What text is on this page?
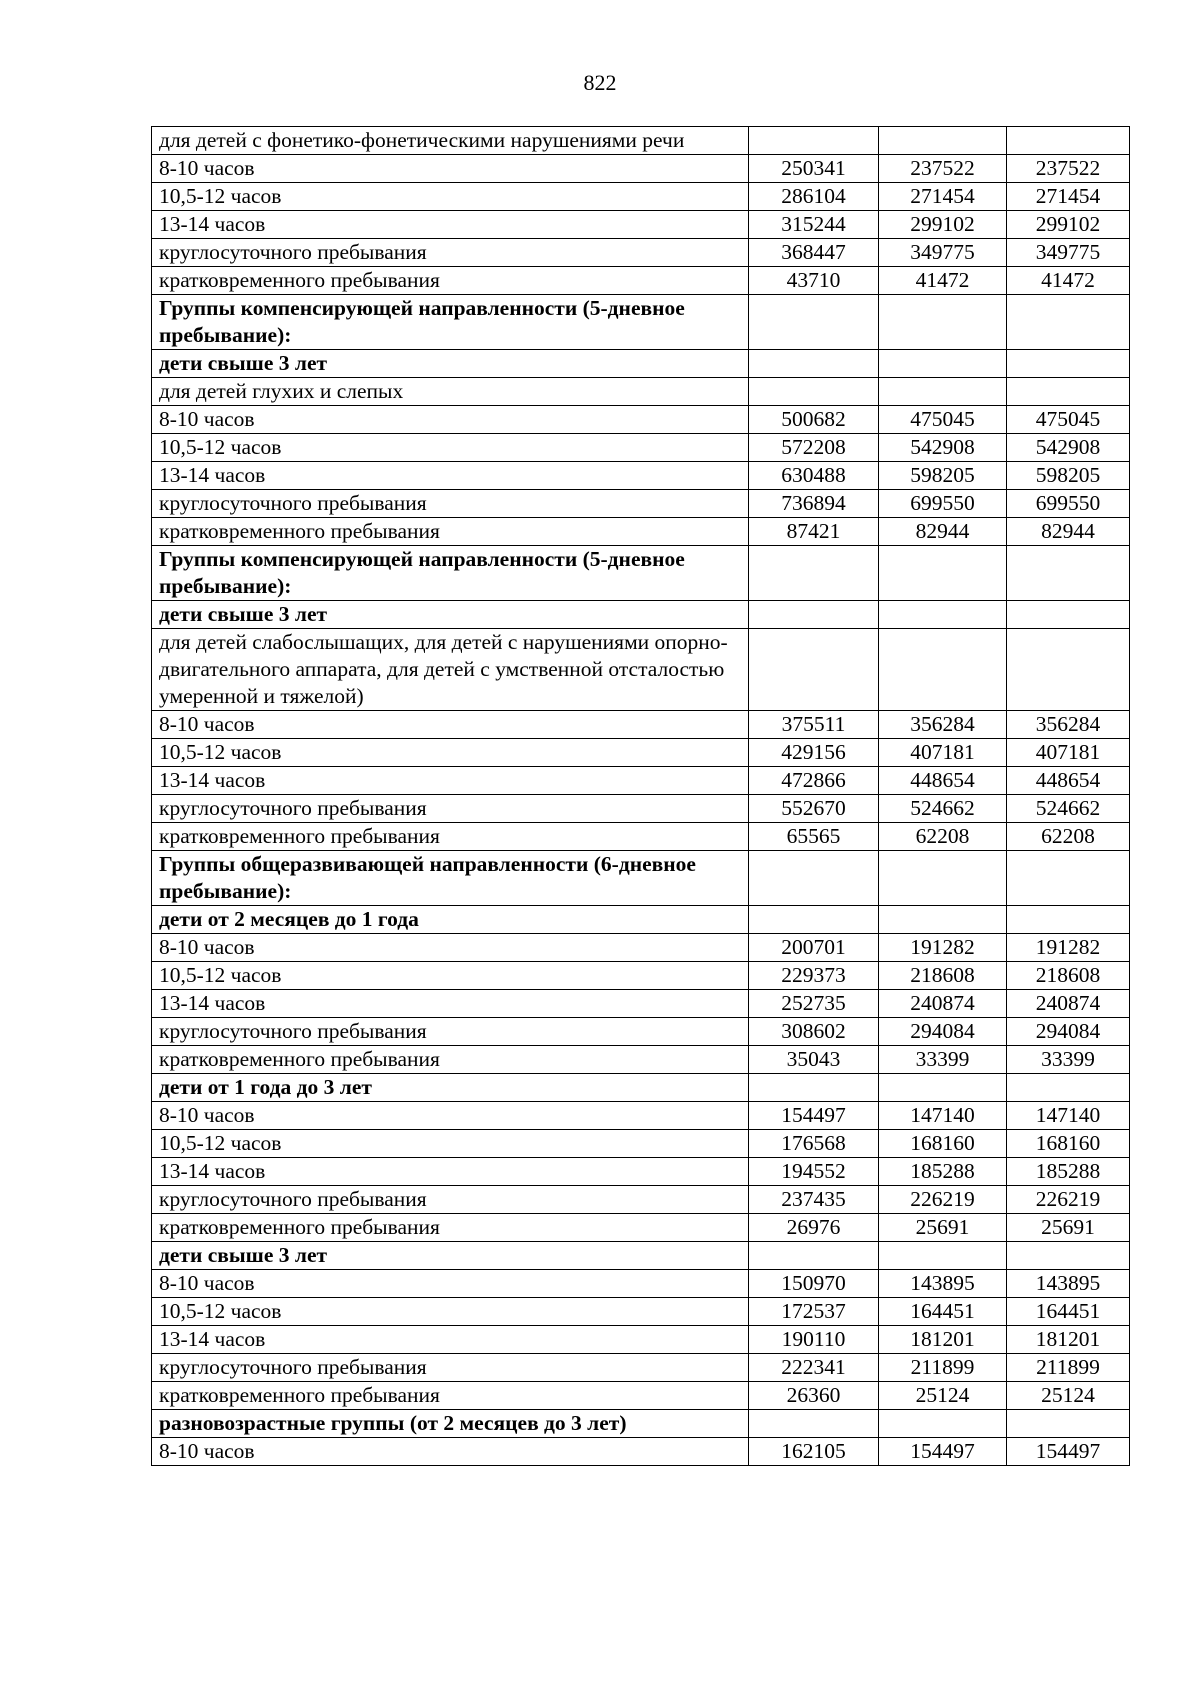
822
для детей с фонетико-фонетическими нарушениями речи			
8-10 часов	250341	237522	237522
10,5-12 часов	286104	271454	271454
13-14 часов	315244	299102	299102
круглосуточного пребывания	368447	349775	349775
кратковременного пребывания	43710	41472	41472
Группы компенсирующей направленности (5-дневное пребывание):			
дети свыше 3 лет			
для детей глухих и слепых			
8-10 часов	500682	475045	475045
10,5-12 часов	572208	542908	542908
13-14 часов	630488	598205	598205
круглосуточного пребывания	736894	699550	699550
кратковременного пребывания	87421	82944	82944
Группы компенсирующей направленности (5-дневное пребывание):			
дети свыше 3 лет			
для детей слабослышащих, для детей с нарушениями опорно-двигательного аппарата, для детей с умственной отсталостью умеренной и тяжелой)			
8-10 часов	375511	356284	356284
10,5-12 часов	429156	407181	407181
13-14 часов	472866	448654	448654
круглосуточного пребывания	552670	524662	524662
кратковременного пребывания	65565	62208	62208
Группы общеразвивающей направленности (6-дневное пребывание):			
дети от 2 месяцев до 1 года			
8-10 часов	200701	191282	191282
10,5-12 часов	229373	218608	218608
13-14 часов	252735	240874	240874
круглосуточного пребывания	308602	294084	294084
кратковременного пребывания	35043	33399	33399
дети от 1 года до 3 лет			
8-10 часов	154497	147140	147140
10,5-12 часов	176568	168160	168160
13-14 часов	194552	185288	185288
круглосуточного пребывания	237435	226219	226219
кратковременного пребывания	26976	25691	25691
дети свыше 3 лет			
8-10 часов	150970	143895	143895
10,5-12 часов	172537	164451	164451
13-14 часов	190110	181201	181201
круглосуточного пребывания	222341	211899	211899
кратковременного пребывания	26360	25124	25124
разновозрастные группы (от 2 месяцев до 3 лет)			
8-10 часов	162105	154497	154497
